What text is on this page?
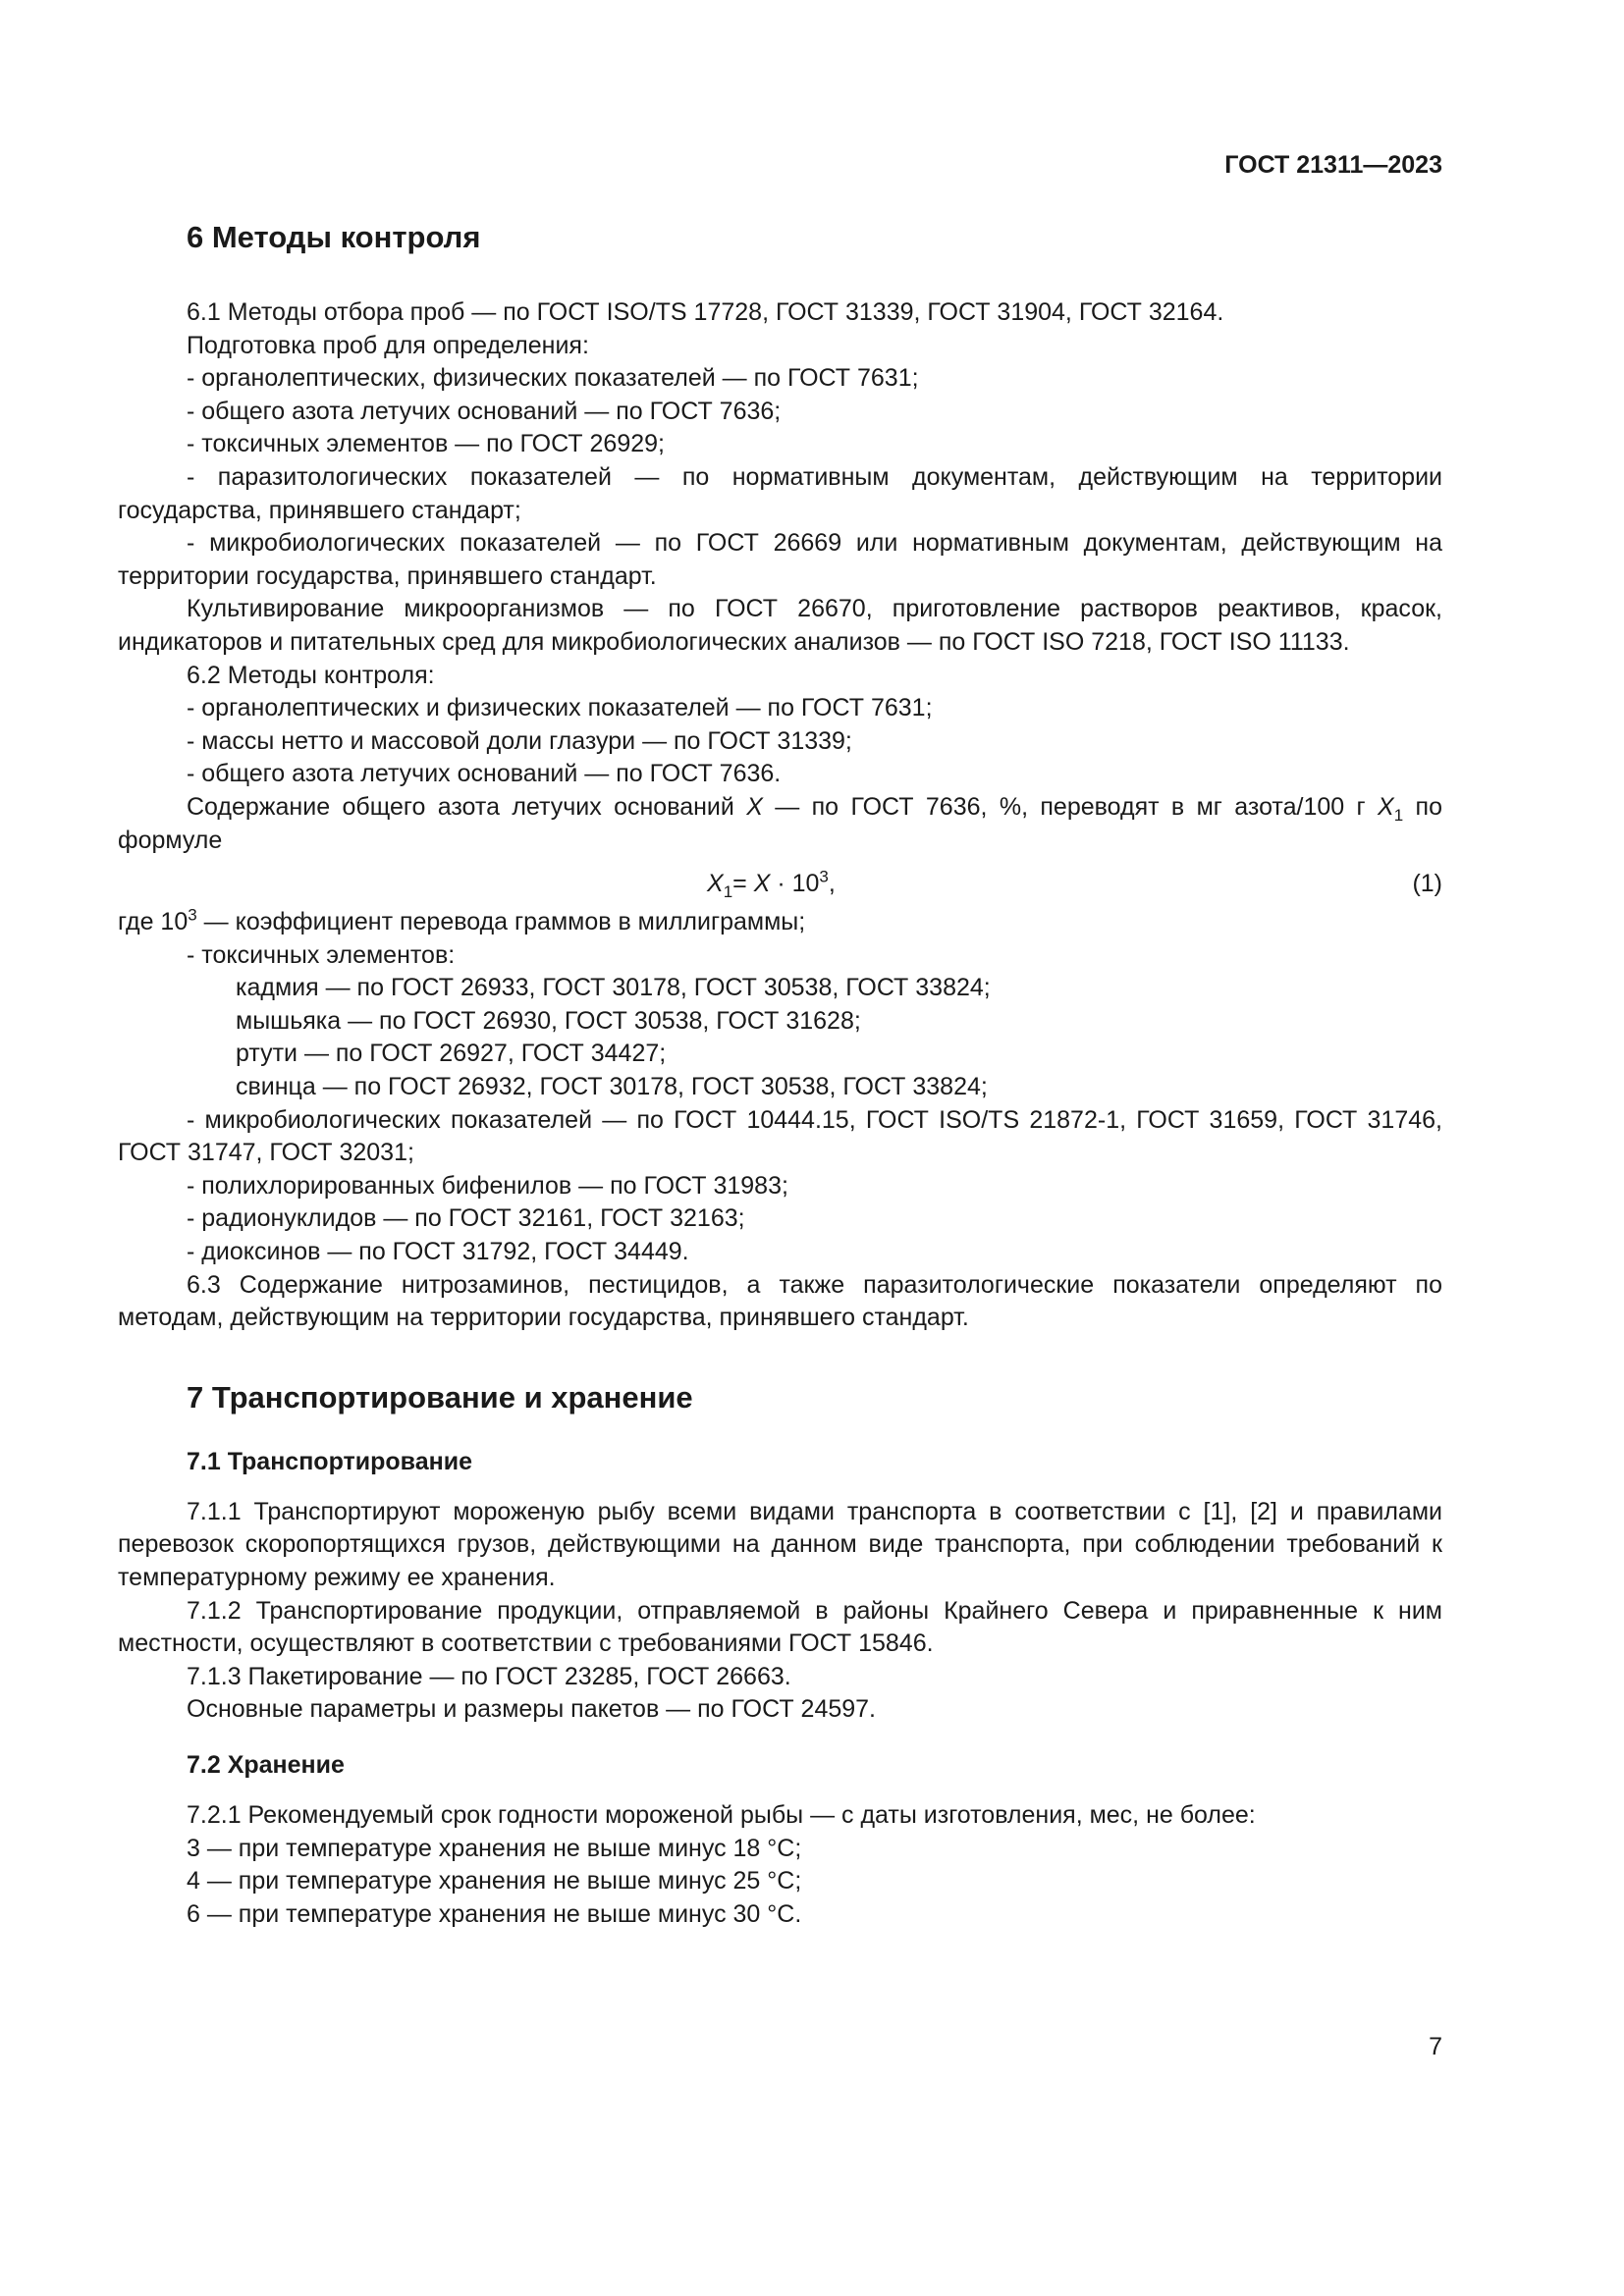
ГОСТ 21311—2023
6 Методы контроля

6.1 Методы отбора проб — по ГОСТ ISO/TS 17728, ГОСТ 31339, ГОСТ 31904, ГОСТ 32164.

Подготовка проб для определения:

- органолептических, физических показателей — по ГОСТ 7631;

- общего азота летучих оснований — по ГОСТ 7636;

- токсичных элементов — по ГОСТ 26929;

- паразитологических показателей — по нормативным документам, действующим на территории государства, принявшего стандарт;

- микробиологических показателей — по ГОСТ 26669 или нормативным документам, действующим на территории государства, принявшего стандарт.

Культивирование микроорганизмов — по ГОСТ 26670, приготовление растворов реактивов, красок, индикаторов и питательных сред для микробиологических анализов — по ГОСТ ISO 7218, ГОСТ ISO 11133.

6.2 Методы контроля:

- органолептических и физических показателей — по ГОСТ 7631;

- массы нетто и массовой доли глазури — по ГОСТ 31339;

- общего азота летучих оснований — по ГОСТ 7636.

Содержание общего азота летучих оснований X — по ГОСТ 7636, %, переводят в мг азота/100 г $X_1$ по формуле

$X_1= X \cdot 10^3$,	(1)

где $10^3$ — коэффициент перевода граммов в миллиграммы;

- токсичных элементов:

кадмия — по ГОСТ 26933, ГОСТ 30178, ГОСТ 30538, ГОСТ 33824;

мышьяка — по ГОСТ 26930, ГОСТ 30538, ГОСТ 31628;

ртути — по ГОСТ 26927, ГОСТ 34427;

свинца — по ГОСТ 26932, ГОСТ 30178, ГОСТ 30538, ГОСТ 33824;

- микробиологических показателей — по ГОСТ 10444.15, ГОСТ ISO/TS 21872-1, ГОСТ 31659, ГОСТ 31746, ГОСТ 31747, ГОСТ 32031;

- полихлорированных бифенилов — по ГОСТ 31983;

- радионуклидов — по ГОСТ 32161, ГОСТ 32163;

- диоксинов — по ГОСТ 31792, ГОСТ 34449.

6.3 Содержание нитрозаминов, пестицидов, а также паразитологические показатели определяют по методам, действующим на территории государства, принявшего стандарт.

7 Транспортирование и хранение
7.1 Транспортирование

7.1.1 Транспортируют мороженую рыбу всеми видами транспорта в соответствии с [1], [2] и правилами перевозок скоропортящихся грузов, действующими на данном виде транспорта, при соблюдении требований к температурному режиму ее хранения.

7.1.2 Транспортирование продукции, отправляемой в районы Крайнего Севера и приравненные к ним местности, осуществляют в соответствии с требованиями ГОСТ 15846.

7.1.3 Пакетирование — по ГОСТ 23285, ГОСТ 26663.

Основные параметры и размеры пакетов — по ГОСТ 24597.

7.2 Хранение

7.2.1 Рекомендуемый срок годности мороженой рыбы — с даты изготовления, мес, не более:

3 — при температуре хранения не выше минус 18 °C;

4 — при температуре хранения не выше минус 25 °C;

6 — при температуре хранения не выше минус 30 °C.

7
